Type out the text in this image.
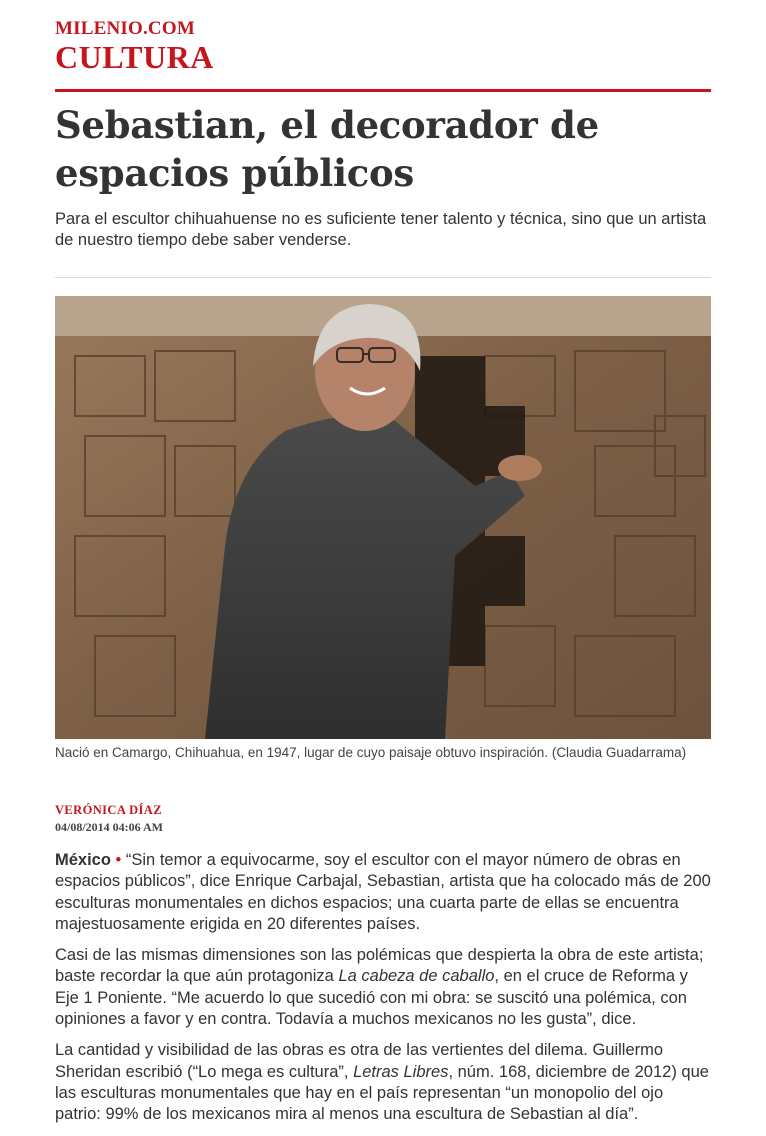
MILENIO.COM
CULTURA
Sebastian, el decorador de espacios públicos

Para el escultor chihuahuense no es suficiente tener talento y técnica, sino que un artista de nuestro tiempo debe saber venderse.

Nació en Camargo, Chihuahua, en 1947, lugar de cuyo paisaje obtuvo inspiración. (Claudia Guadarrama)
VERÓNICA DÍAZ
04/08/2014 04:06 AM

México • “Sin temor a equivocarme, soy el escultor con el mayor número de obras en espacios públicos”, dice Enrique Carbajal, Sebastian, artista que ha colocado más de 200 esculturas monumentales en dichos espacios; una cuarta parte de ellas se encuentra majestuosamente erigida en 20 diferentes países.

Casi de las mismas dimensiones son las polémicas que despierta la obra de este artista; baste recordar la que aún protagoniza La cabeza de caballo, en el cruce de Reforma y Eje 1 Poniente. “Me acuerdo lo que sucedió con mi obra: se suscitó una polémica, con opiniones a favor y en contra. Todavía a muchos mexicanos no les gusta”, dice.

La cantidad y visibilidad de las obras es otra de las vertientes del dilema. Guillermo Sheridan escribió (“Lo mega es cultura”, Letras Libres, núm. 168, diciembre de 2012) que las esculturas monumentales que hay en el país representan “un monopolio del ojo patrio: 99% de los mexicanos mira al menos una escultura de Sebastian al día”.
